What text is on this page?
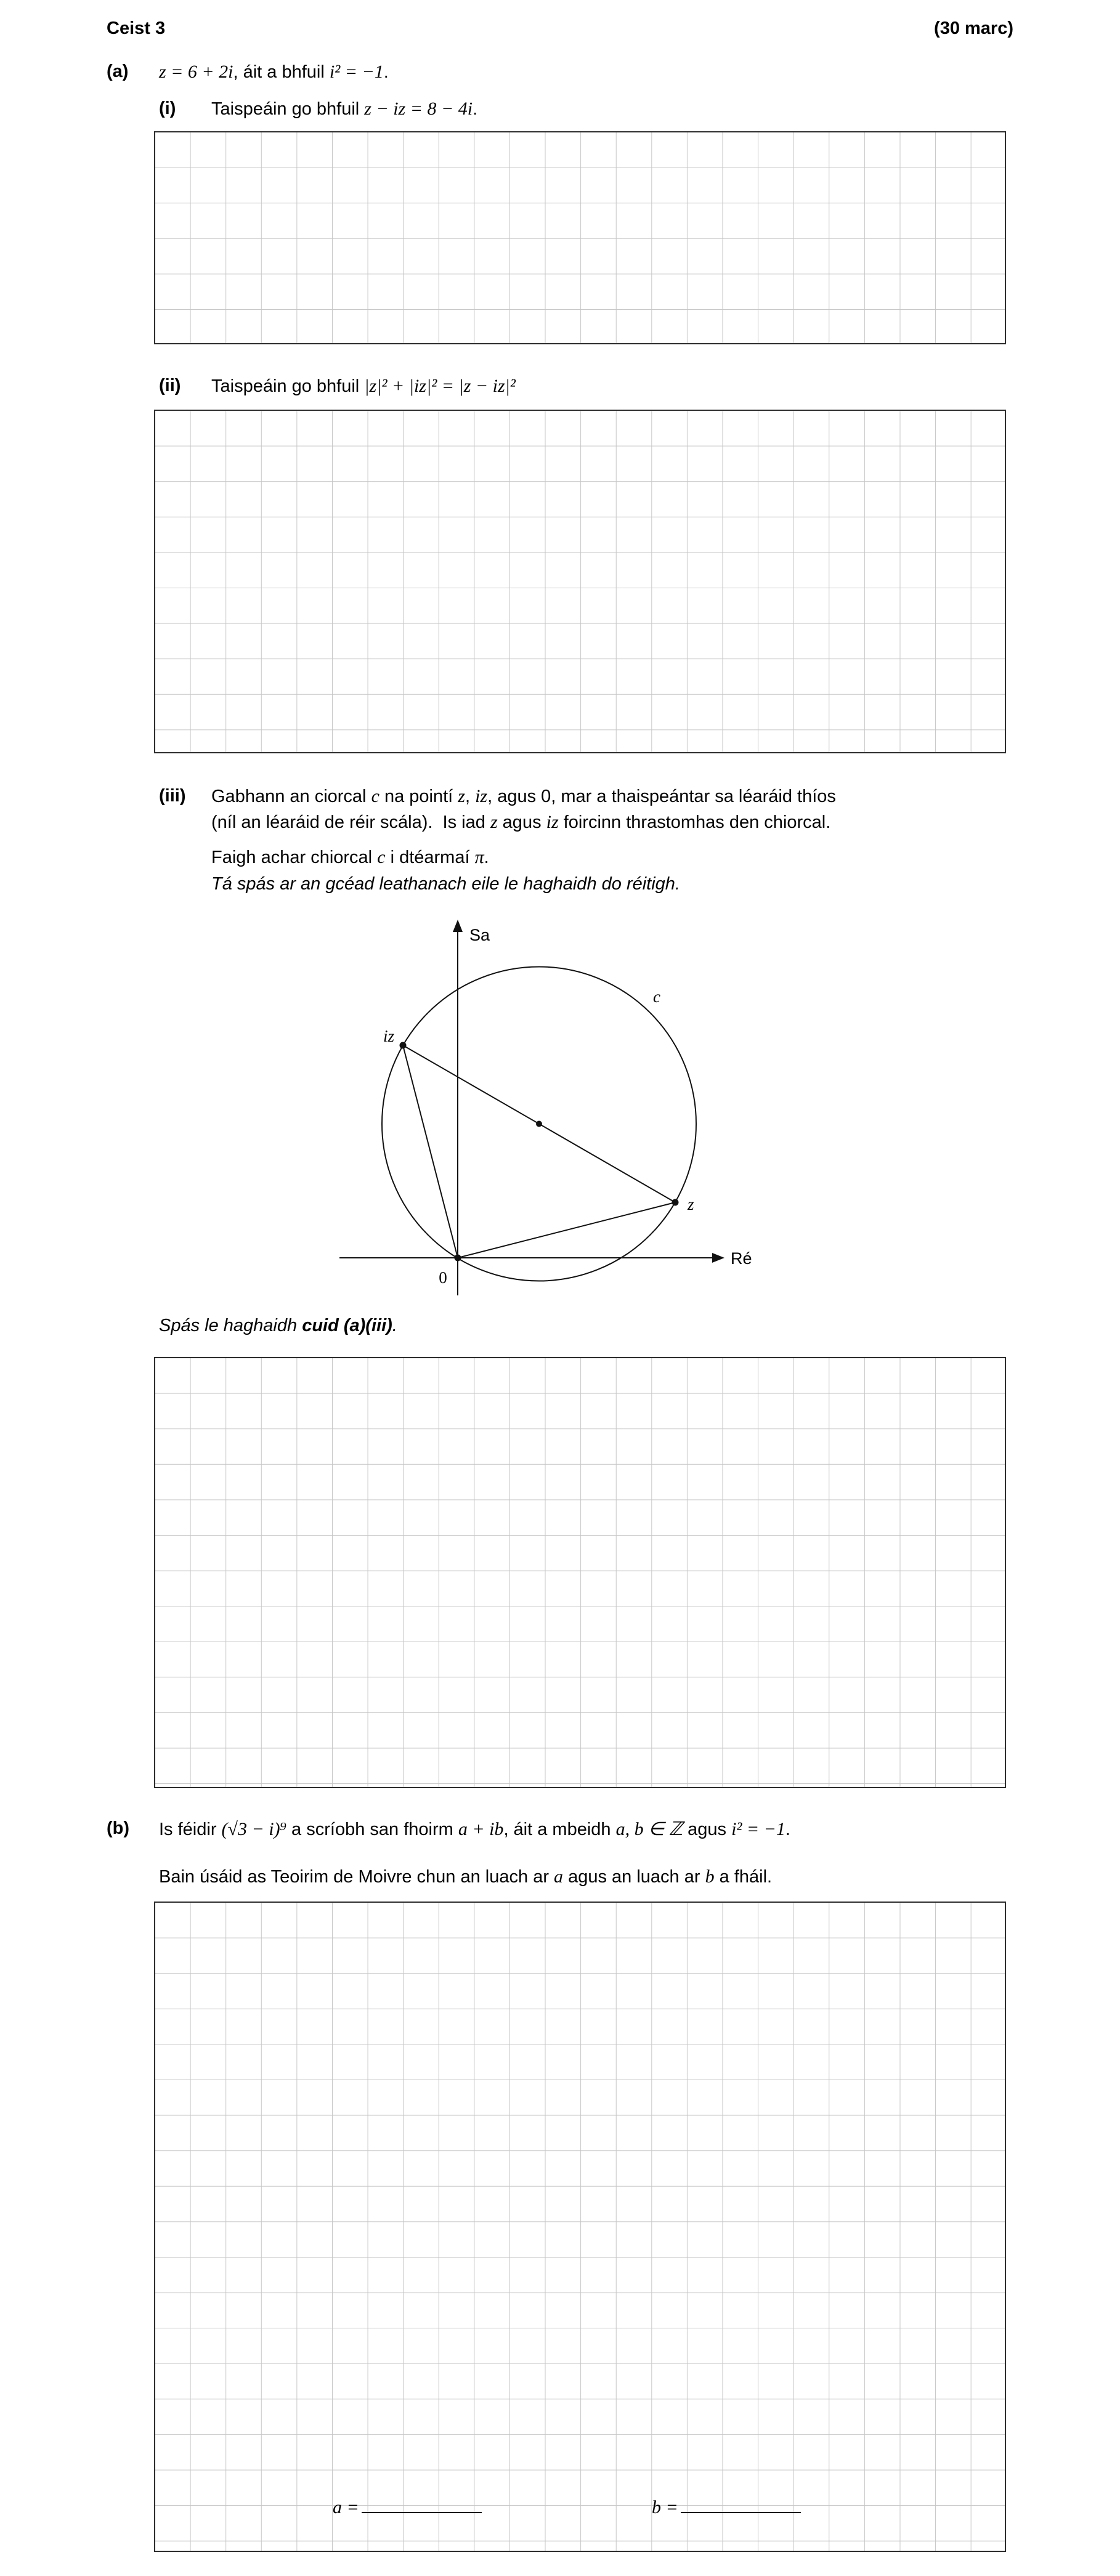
Ceist 3	(30 marc)
(a) z = 6 + 2i, áit a bhfuil i² = −1.
(i) Taispeáin go bhfuil z − iz = 8 − 4i.
(ii) Taispeáin go bhfuil |z|² + |iz|² = |z − iz|²
(iii) Gabhann an ciorcal c na pointí z, iz, agus 0, mar a thaispeántar sa léaráid thíos
(níl an léaráid de réir scála).  Is iad z agus iz foircinn thrastomhas den chiorcal.
Faigh achar chiorcal c i dtéarmaí π.
Tá spás ar an gcéad leathanach eile le haghaidh do réitigh.
Sa
Ré
0
iz
z
c
Spás le haghaidh cuid (a)(iii).
(b) Is féidir (√3 − i)⁹ a scríobh san fhoirm a + ib, áit a mbeidh a, b ∈ ℤ agus i² = −1.
Bain úsáid as Teoirim de Moivre chun an luach ar a agus an luach ar b a fháil.
a =	b =
